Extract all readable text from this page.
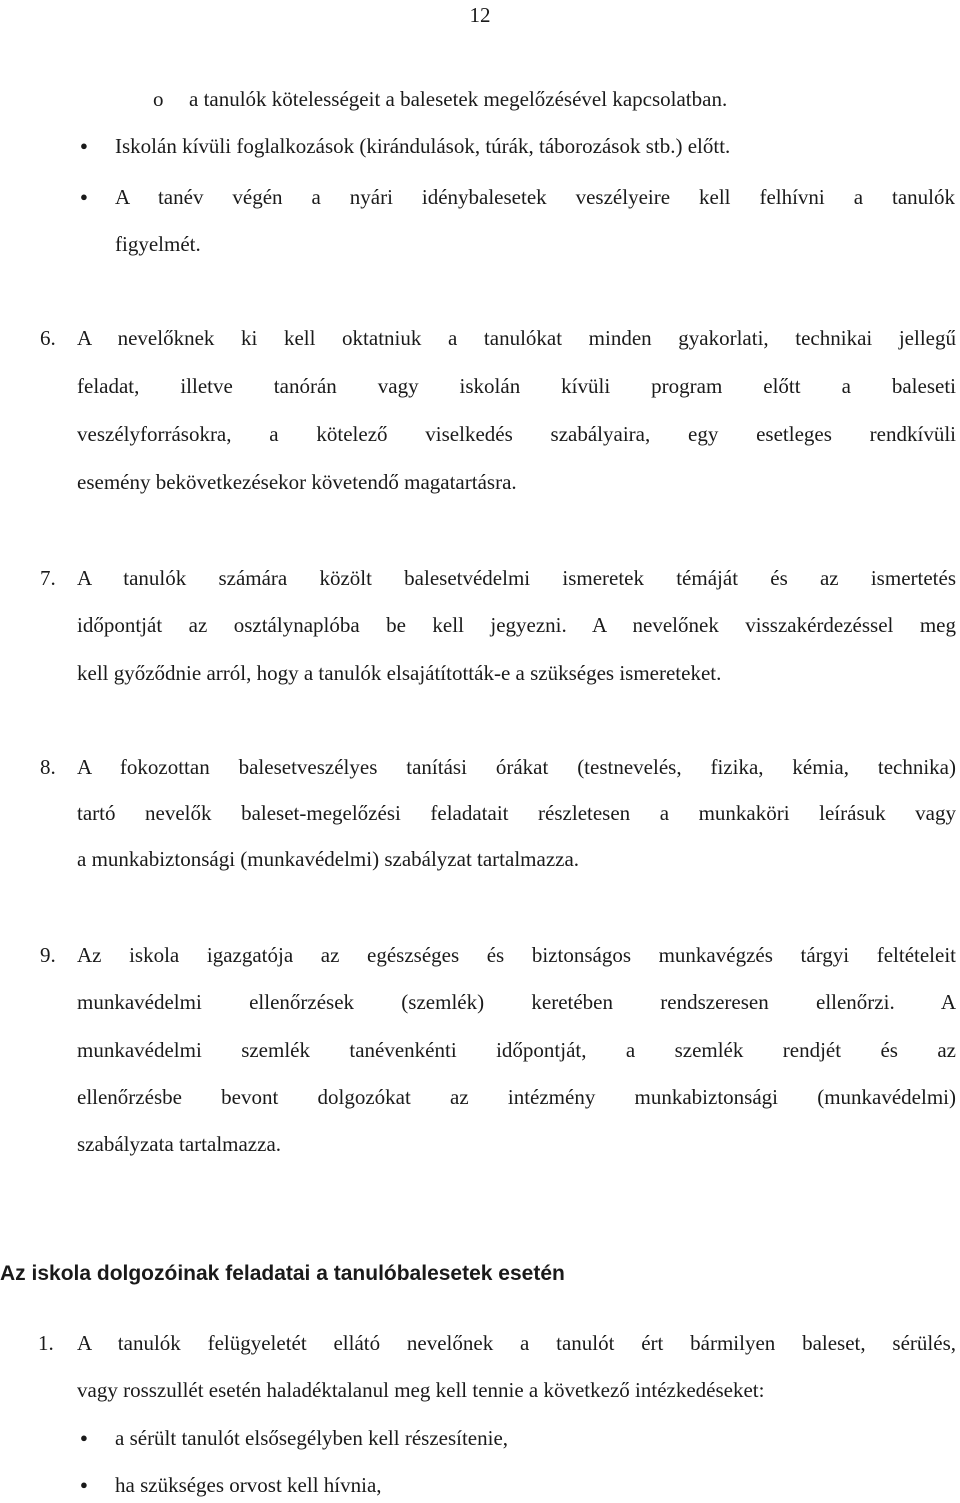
12
o a tanulók kötelességeit a balesetek megelőzésével kapcsolatban.
● Iskolán kívüli foglalkozások (kirándulások, túrák, táborozások stb.) előtt.
● A tanév végén a nyári idénybalesetek veszélyeire kell felhívni a tanulók
figyelmét.
6. A nevelőknek ki kell oktatniuk a tanulókat minden gyakorlati, technikai jellegű
feladat, illetve tanórán vagy iskolán kívüli program előtt a baleseti
veszélyforrásokra, a kötelező viselkedés szabályaira, egy esetleges rendkívüli
esemény bekövetkezésekor követendő magatartásra.
7. A tanulók számára közölt balesetvédelmi ismeretek témáját és az ismertetés
időpontját az osztálynaplóba be kell jegyezni. A nevelőnek visszakérdezéssel meg
kell győződnie arról, hogy a tanulók elsajátították-e a szükséges ismereteket.
8. A fokozottan balesetveszélyes tanítási órákat (testnevelés, fizika, kémia, technika)
tartó nevelők baleset-megelőzési feladatait részletesen a munkaköri leírásuk vagy
a munkabiztonsági (munkavédelmi) szabályzat tartalmazza.
9. Az iskola igazgatója az egészséges és biztonságos munkavégzés tárgyi feltételeit
munkavédelmi ellenőrzések (szemlék) keretében rendszeresen ellenőrzi. A
munkavédelmi szemlék tanévenkénti időpontját, a szemlék rendjét és az
ellenőrzésbe bevont dolgozókat az intézmény munkabiztonsági (munkavédelmi)
szabályzata tartalmazza.
Az iskola dolgozóinak feladatai a tanulóbalesetek esetén
1. A tanulók felügyeletét ellátó nevelőnek a tanulót ért bármilyen baleset, sérülés,
vagy rosszullét esetén haladéktalanul meg kell tennie a következő intézkedéseket:
● a sérült tanulót elsősegélyben kell részesítenie,
● ha szükséges orvost kell hívnia,
